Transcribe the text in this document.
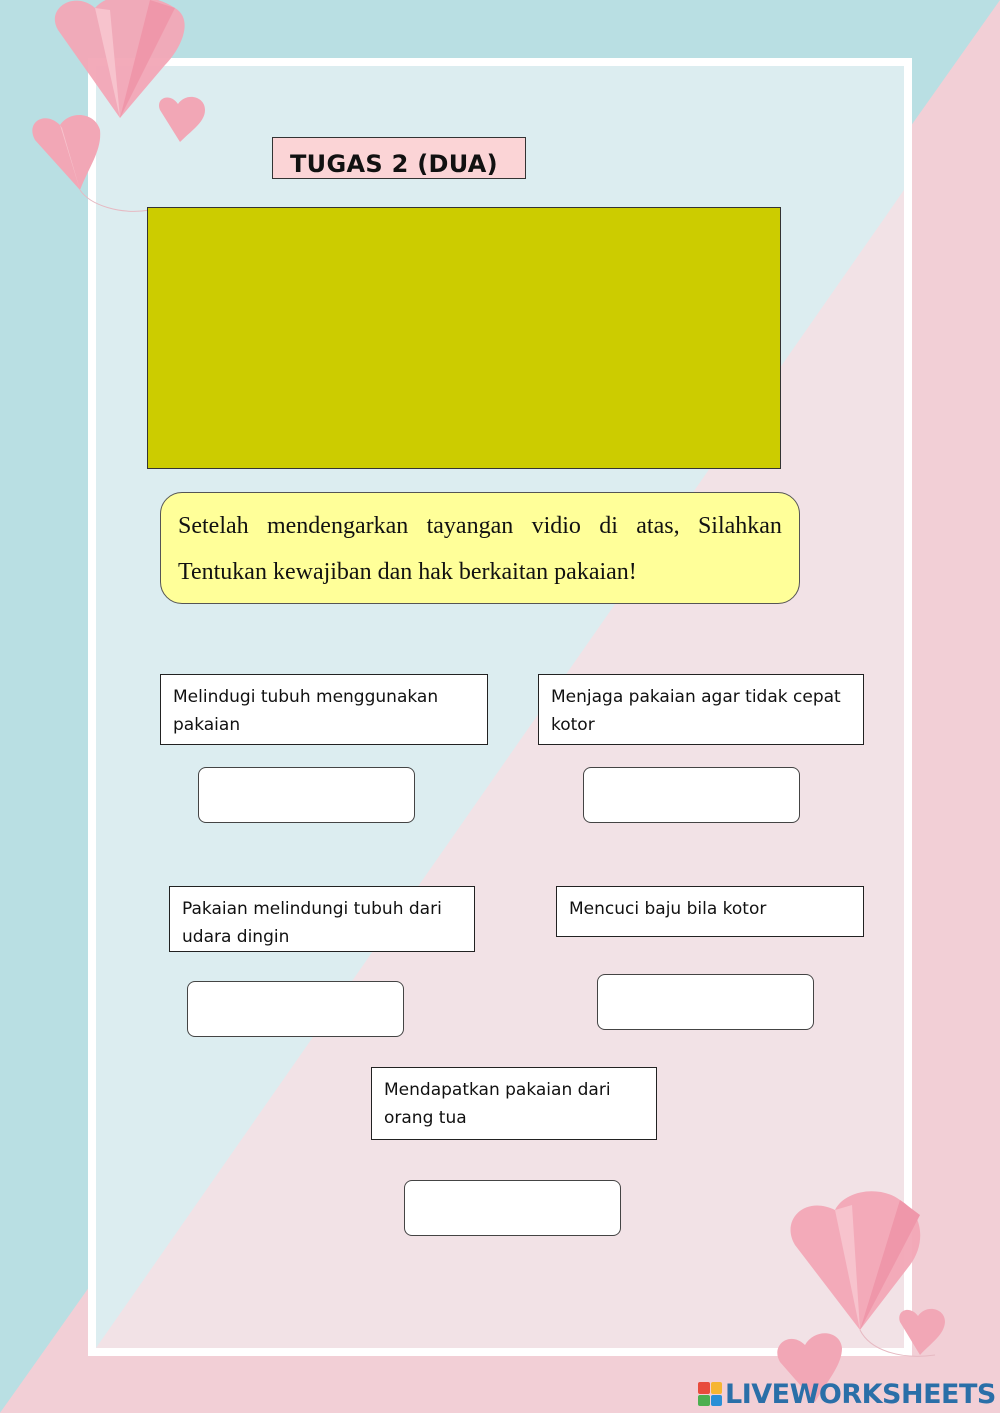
TUGAS 2 (DUA)
Setelah mendengarkan tayangan vidio di atas, Silahkan
Tentukan kewajiban dan hak berkaitan pakaian!
Melindugi tubuh menggunakan pakaian
Menjaga pakaian agar tidak cepat kotor
Pakaian melindungi tubuh dari udara dingin
Mencuci baju bila kotor
Mendapatkan pakaian dari orang tua
LIVEWORKSHEETS
